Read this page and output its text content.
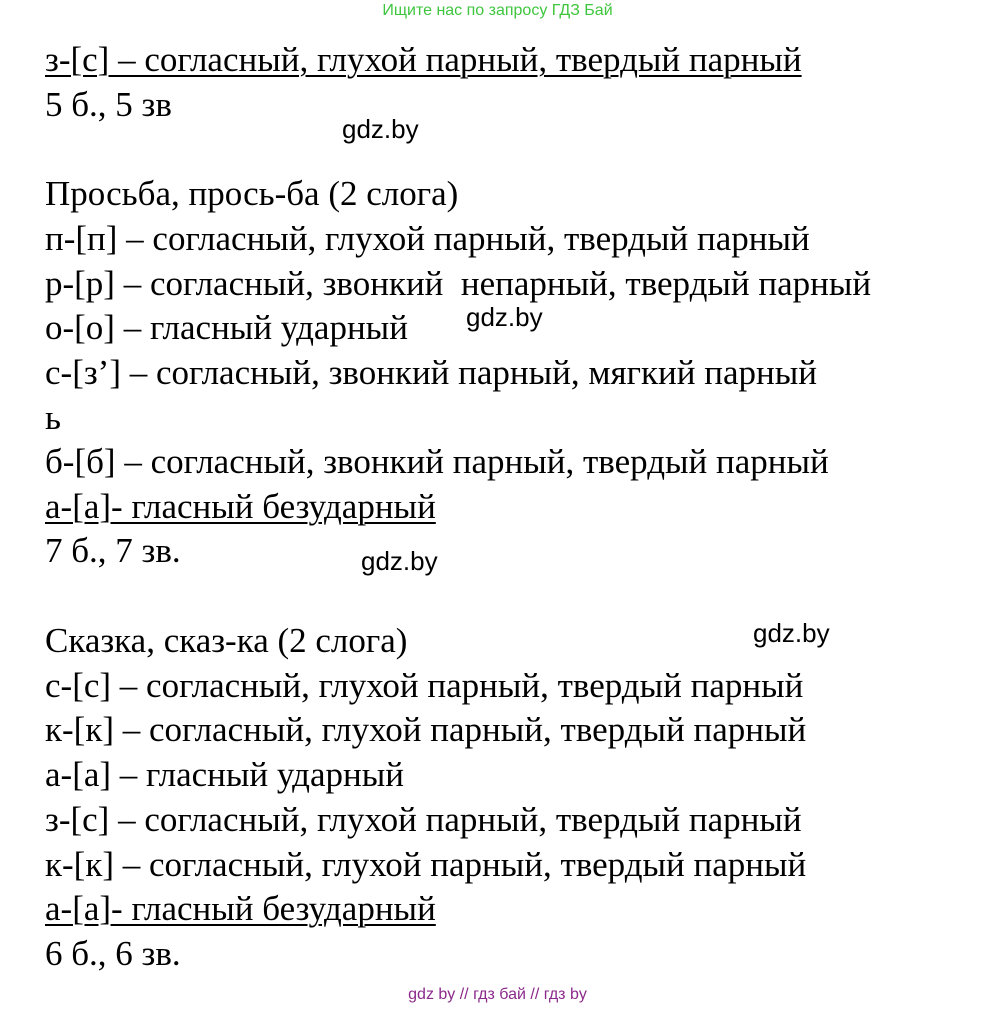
Ищите нас по запросу ГДЗ Бай
з-[с] – согласный, глухой парный, твердый парный
5 б., 5 зв
Просьба, прось-ба (2 слога)
п-[п] – согласный, глухой парный, твердый парный
р-[р] – согласный, звонкий  непарный, твердый парный
о-[о] – гласный ударный
с-[з’] – согласный, звонкий парный, мягкий парный
ь
б-[б] – согласный, звонкий парный, твердый парный
а-[а]- гласный безударный
7 б., 7 зв.
Сказка, сказ-ка (2 слога)
с-[с] – согласный, глухой парный, твердый парный
к-[к] – согласный, глухой парный, твердый парный
а-[а] – гласный ударный
з-[с] – согласный, глухой парный, твердый парный
к-[к] – согласный, глухой парный, твердый парный
а-[а]- гласный безударный
6 б., 6 зв.
gdz.by
gdz.by
gdz.by
gdz.by
gdz by // гдз бай // гдз by
